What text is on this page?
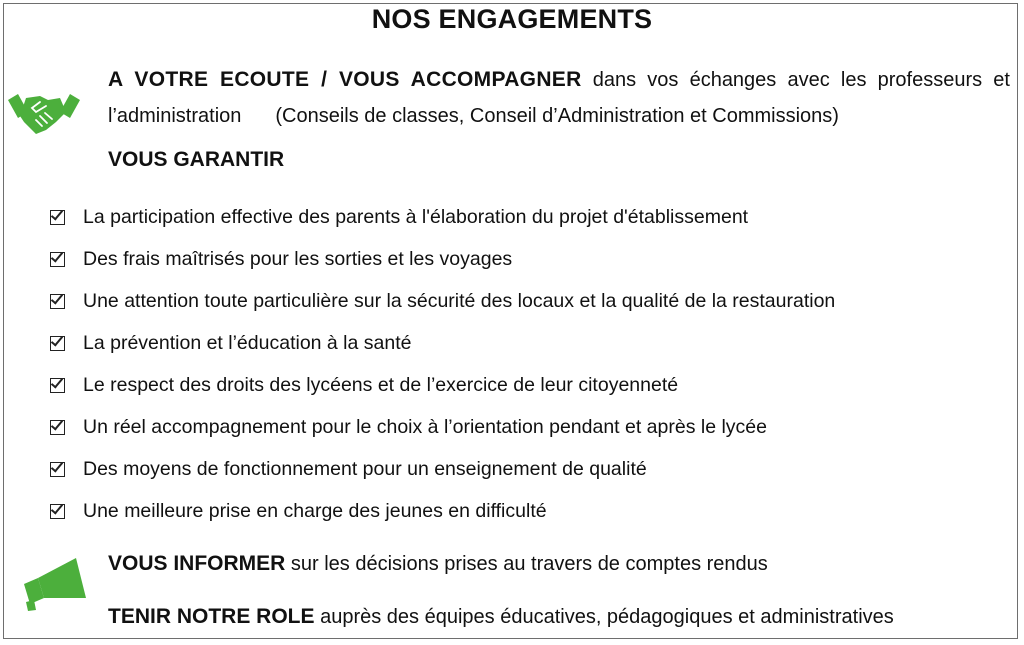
NOS ENGAGEMENTS
A VOTRE ECOUTE / VOUS ACCOMPAGNER dans vos échanges avec les professeurs et l’administration (Conseils de classes, Conseil d’Administration et Commissions)
VOUS GARANTIR
La participation effective des parents à l'élaboration du projet d'établissement
Des frais maîtrisés pour les sorties et les voyages
Une attention toute particulière sur la sécurité des locaux et la qualité de la restauration
La prévention et l’éducation à la santé
Le respect des droits des lycéens et de l’exercice de leur citoyenneté
Un réel accompagnement pour le choix à l’orientation pendant et après le lycée
Des moyens de fonctionnement pour un enseignement de qualité
Une meilleure prise en charge des jeunes en difficulté
VOUS INFORMER sur les décisions prises au travers de comptes rendus
TENIR NOTRE ROLE auprès des équipes éducatives, pédagogiques et administratives
